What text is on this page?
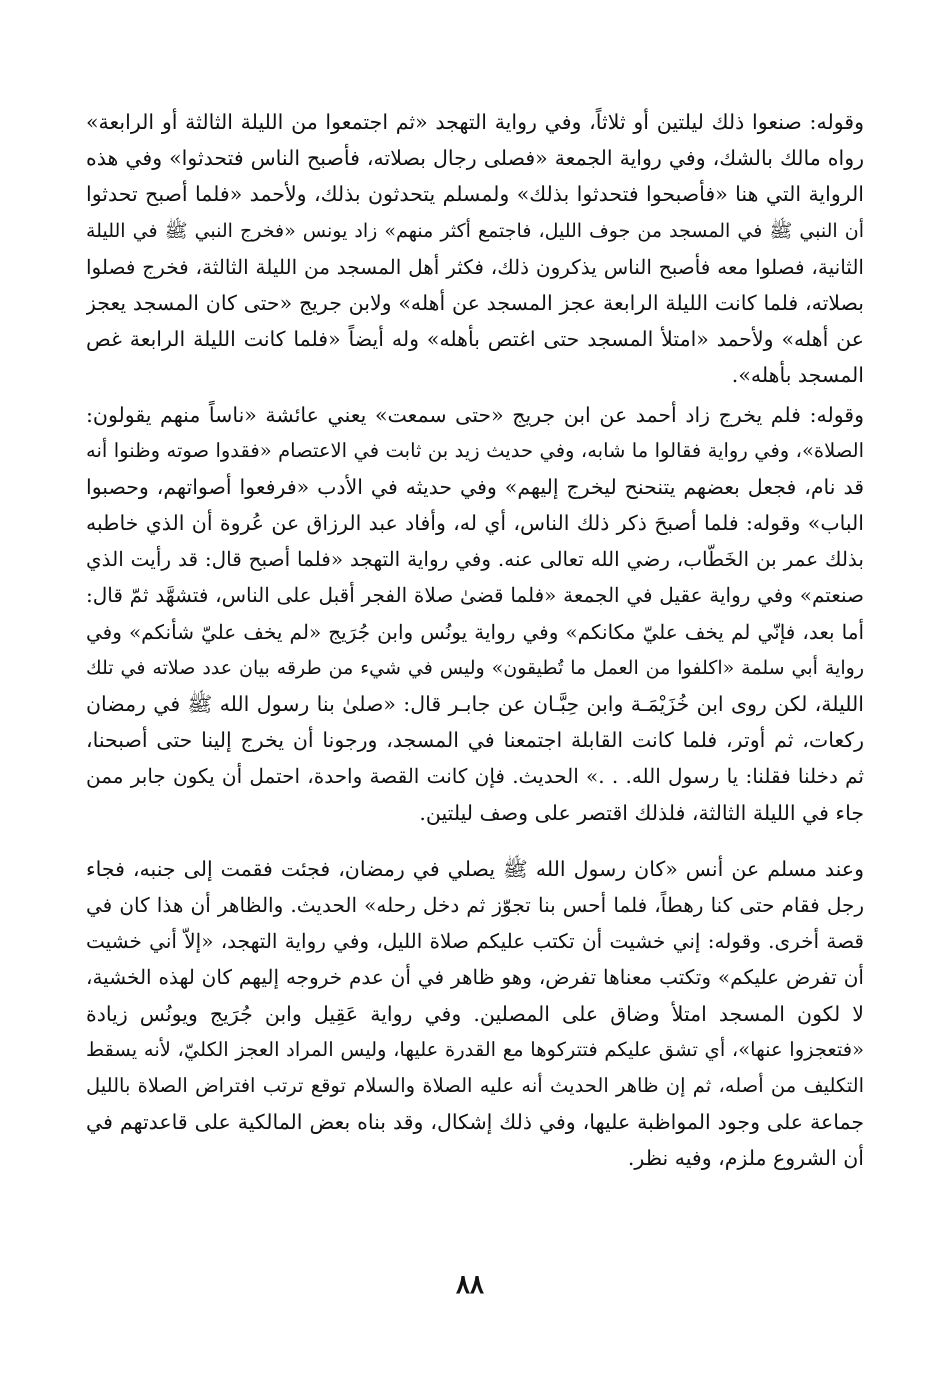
وقوله: صنعوا ذلك ليلتين أو ثلاثاً، وفي رواية التهجد «ثم اجتمعوا من الليلة الثالثة أو الرابعة»
رواه مالك بالشك، وفي رواية الجمعة «فصلى رجال بصلاته، فأصبح الناس فتحدثوا» وفي هذه
الرواية التي هنا «فأصبحوا فتحدثوا بذلك» ولمسلم يتحدثون بذلك، ولأحمد «فلما أصبح تحدثوا
أن النبي ﷺ في المسجد من جوف الليل، فاجتمع أكثر منهم» زاد يونس «فخرج النبي ﷺ في الليلة
الثانية، فصلوا معه فأصبح الناس يذكرون ذلك، فكثر أهل المسجد من الليلة الثالثة، فخرج فصلوا
بصلاته، فلما كانت الليلة الرابعة عجز المسجد عن أهله» ولابن جريج «حتى كان المسجد يعجز
عن أهله» ولأحمد «امتلأ المسجد حتى اغتص بأهله» وله أيضاً «فلما كانت الليلة الرابعة غص
المسجد بأهله».
وقوله: فلم يخرج زاد أحمد عن ابن جريج «حتى سمعت» يعني عائشة «ناساً منهم يقولون:
الصلاة»، وفي رواية فقالوا ما شابه، وفي حديث زيد بن ثابت في الاعتصام «فقدوا صوته وظنوا أنه
قد نام، فجعل بعضهم يتنحنح ليخرج إليهم» وفي حديثه في الأدب «فرفعوا أصواتهم، وحصبوا
الباب» وقوله: فلما أصبحَ ذكر ذلك الناس، أي له، وأفاد عبد الرزاق عن عُروة أن الذي خاطبه
بذلك عمر بن الخَطّاب، رضي الله تعالى عنه. وفي رواية التهجد «فلما أصبح قال: قد رأيت الذي
صنعتم» وفي رواية عقيل في الجمعة «فلما قضىٰ صلاة الفجر أقبل على الناس، فتشهَّد ثمّ قال:
أما بعد، فإنّي لم يخف عليّ مكانكم» وفي رواية يونُس وابن جُرَيج «لم يخف عليّ شأنكم» وفي
رواية أبي سلمة «اكلفوا من العمل ما تُطيقون» وليس في شيء من طرقه بيان عدد صلاته في تلك
الليلة، لكن روى ابن خُزَيْمَـة وابن حِبَّـان عن جابـر قال: «صلىٰ بنا رسول الله ﷺ في رمضان
ركعات، ثم أوتر، فلما كانت القابلة اجتمعنا في المسجد، ورجونا أن يخرج إلينا حتى أصبحنا،
ثم دخلنا فقلنا: يا رسول الله. . .» الحديث. فإن كانت القصة واحدة، احتمل أن يكون جابر ممن
جاء في الليلة الثالثة، فلذلك اقتصر على وصف ليلتين.
وعند مسلم عن أنس «كان رسول الله ﷺ يصلي في رمضان، فجئت فقمت إلى جنبه، فجاء
رجل فقام حتى كنا رهطاً، فلما أحس بنا تجوّز ثم دخل رحله» الحديث. والظاهر أن هذا كان في
قصة أخرى. وقوله: إني خشيت أن تكتب عليكم صلاة الليل، وفي رواية التهجد، «إلاّ أني خشيت
أن تفرض عليكم» وتكتب معناها تفرض، وهو ظاهر في أن عدم خروجه إليهم كان لهذه الخشية،
لا لكون المسجد امتلأ وضاق على المصلين. وفي رواية عَقِيل وابن جُرَيج ويونُس زيادة
«فتعجزوا عنها»، أي تشق عليكم فتتركوها مع القدرة عليها، وليس المراد العجز الكليّ، لأنه يسقط
التكليف من أصله، ثم إن ظاهر الحديث أنه عليه الصلاة والسلام توقع ترتب افتراض الصلاة بالليل
جماعة على وجود المواظبة عليها، وفي ذلك إشكال، وقد بناه بعض المالكية على قاعدتهم في
أن الشروع ملزم، وفيه نظر.
٨٨
